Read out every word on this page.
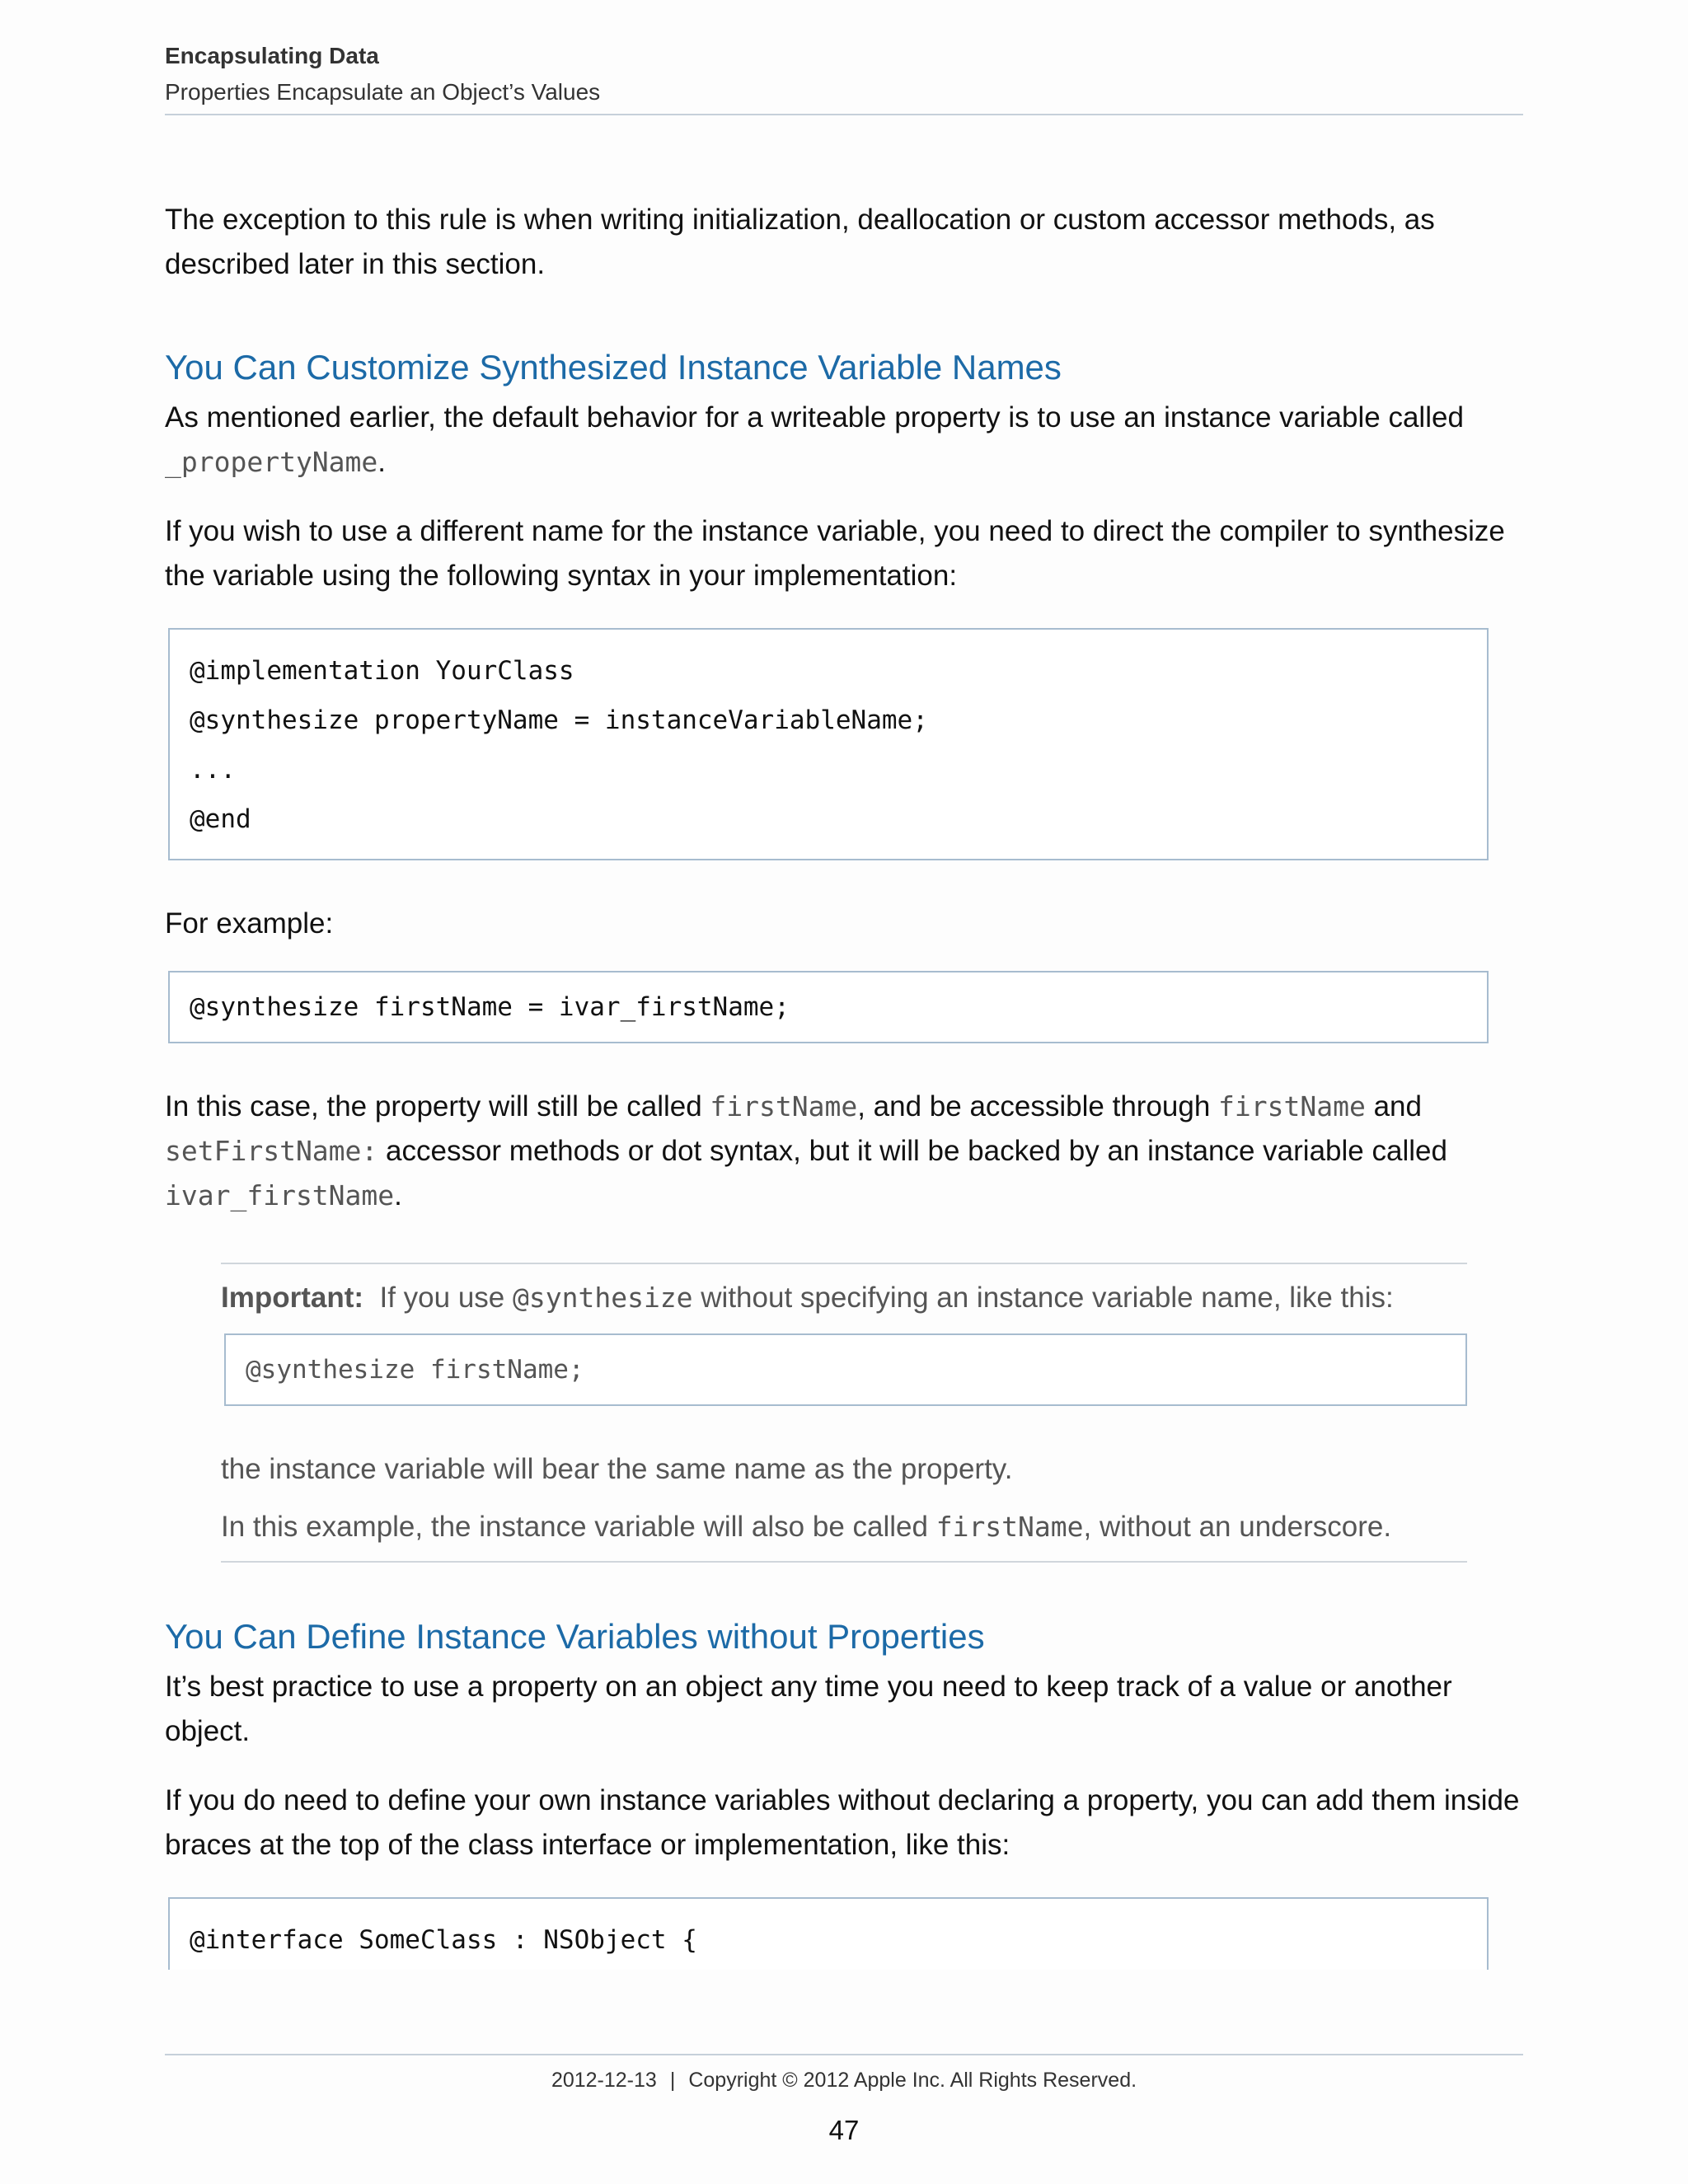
Encapsulating Data
Properties Encapsulate an Object’s Values

The exception to this rule is when writing initialization, deallocation or custom accessor methods, as described later in this section.

You Can Customize Synthesized Instance Variable Names

As mentioned earlier, the default behavior for a writeable property is to use an instance variable called _propertyName.

If you wish to use a different name for the instance variable, you need to direct the compiler to synthesize the variable using the following syntax in your implementation:

@implementation YourClass
@synthesize propertyName = instanceVariableName;
...
@end

For example:

@synthesize firstName = ivar_firstName;

In this case, the property will still be called firstName, and be accessible through firstName and setFirstName: accessor methods or dot syntax, but it will be backed by an instance variable called ivar_firstName.

Important: If you use @synthesize without specifying an instance variable name, like this:
@synthesize firstName;

the instance variable will bear the same name as the property.

In this example, the instance variable will also be called firstName, without an underscore.

You Can Define Instance Variables without Properties

It’s best practice to use a property on an object any time you need to keep track of a value or another object.

If you do need to define your own instance variables without declaring a property, you can add them inside braces at the top of the class interface or implementation, like this:

@interface SomeClass : NSObject {
2012-12-13 | Copyright © 2012 Apple Inc. All Rights Reserved.
47
